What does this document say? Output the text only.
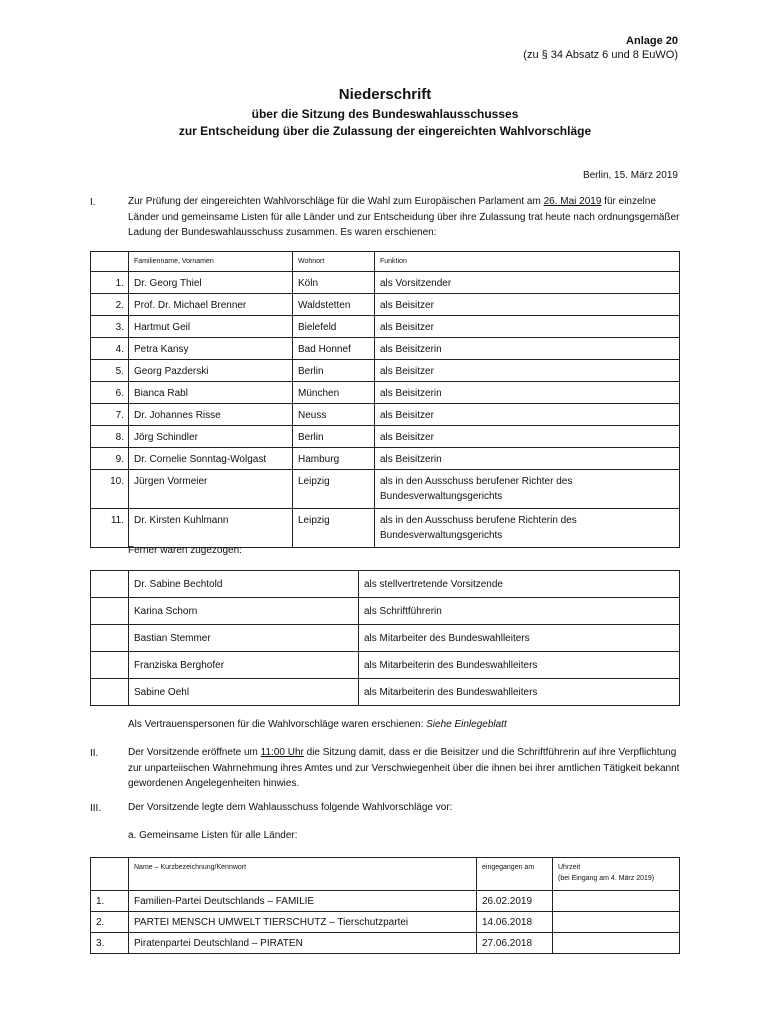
Anlage 20
(zu § 34 Absatz 6 und 8 EuWO)
Niederschrift
über die Sitzung des Bundeswahlausschusses
zur Entscheidung über die Zulassung der eingereichten Wahlvorschläge
Berlin, 15. März 2019
I.	Zur Prüfung der eingereichten Wahlvorschläge für die Wahl zum Europäischen Parlament am 26. Mai 2019 für einzelne Länder und gemeinsame Listen für alle Länder und zur Entscheidung über ihre Zulassung trat heute nach ordnungsgemäßer Ladung der Bundeswahlausschuss zusammen. Es waren erschienen:
	Familienname, Vornamen	Wohnort	Funktion
1.	Dr. Georg Thiel	Köln	als Vorsitzender
2.	Prof. Dr. Michael Brenner	Waldstetten	als Beisitzer
3.	Hartmut Geil	Bielefeld	als Beisitzer
4.	Petra Kansy	Bad Honnef	als Beisitzerin
5.	Georg Pazderski	Berlin	als Beisitzer
6.	Bianca Rabl	München	als Beisitzerin
7.	Dr. Johannes Risse	Neuss	als Beisitzer
8.	Jörg Schindler	Berlin	als Beisitzer
9.	Dr. Cornelie Sonntag-Wolgast	Hamburg	als Beisitzerin
10.	Jürgen Vormeier	Leipzig	als in den Ausschuss berufener Richter des Bundesverwaltungsgerichts
11.	Dr. Kirsten Kuhlmann	Leipzig	als in den Ausschuss berufene Richterin des Bundesverwaltungsgerichts
Ferner waren zugezogen:
	Dr. Sabine Bechtold	als stellvertretende Vorsitzende
	Karina Schorn	als Schriftführerin
	Bastian Stemmer	als Mitarbeiter des Bundeswahlleiters
	Franziska Berghofer	als Mitarbeiterin des Bundeswahlleiters
	Sabine Oehl	als Mitarbeiterin des Bundeswahlleiters
Als Vertrauenspersonen für die Wahlvorschläge waren erschienen: Siehe Einlegeblatt
II.	Der Vorsitzende eröffnete um 11:00 Uhr die Sitzung damit, dass er die Beisitzer und die Schriftführerin auf ihre Verpflichtung zur unparteiischen Wahrnehmung ihres Amtes und zur Verschwiegenheit über die ihnen bei ihrer amtlichen Tätigkeit bekannt gewordenen Angelegenheiten hinwies.
III.	Der Vorsitzende legte dem Wahlausschuss folgende Wahlvorschläge vor:
a. Gemeinsame Listen für alle Länder:
	Name – Kurzbezeichnung/Kennwort	eingegangen am	Uhrzeit
(bei Eingang am 4. März 2019)

1.	Familien-Partei Deutschlands – FAMILIE	26.02.2019	
2.	PARTEI MENSCH UMWELT TIERSCHUTZ – Tierschutzpartei	14.06.2018	
3.	Piratenpartei Deutschland – PIRATEN	27.06.2018	
